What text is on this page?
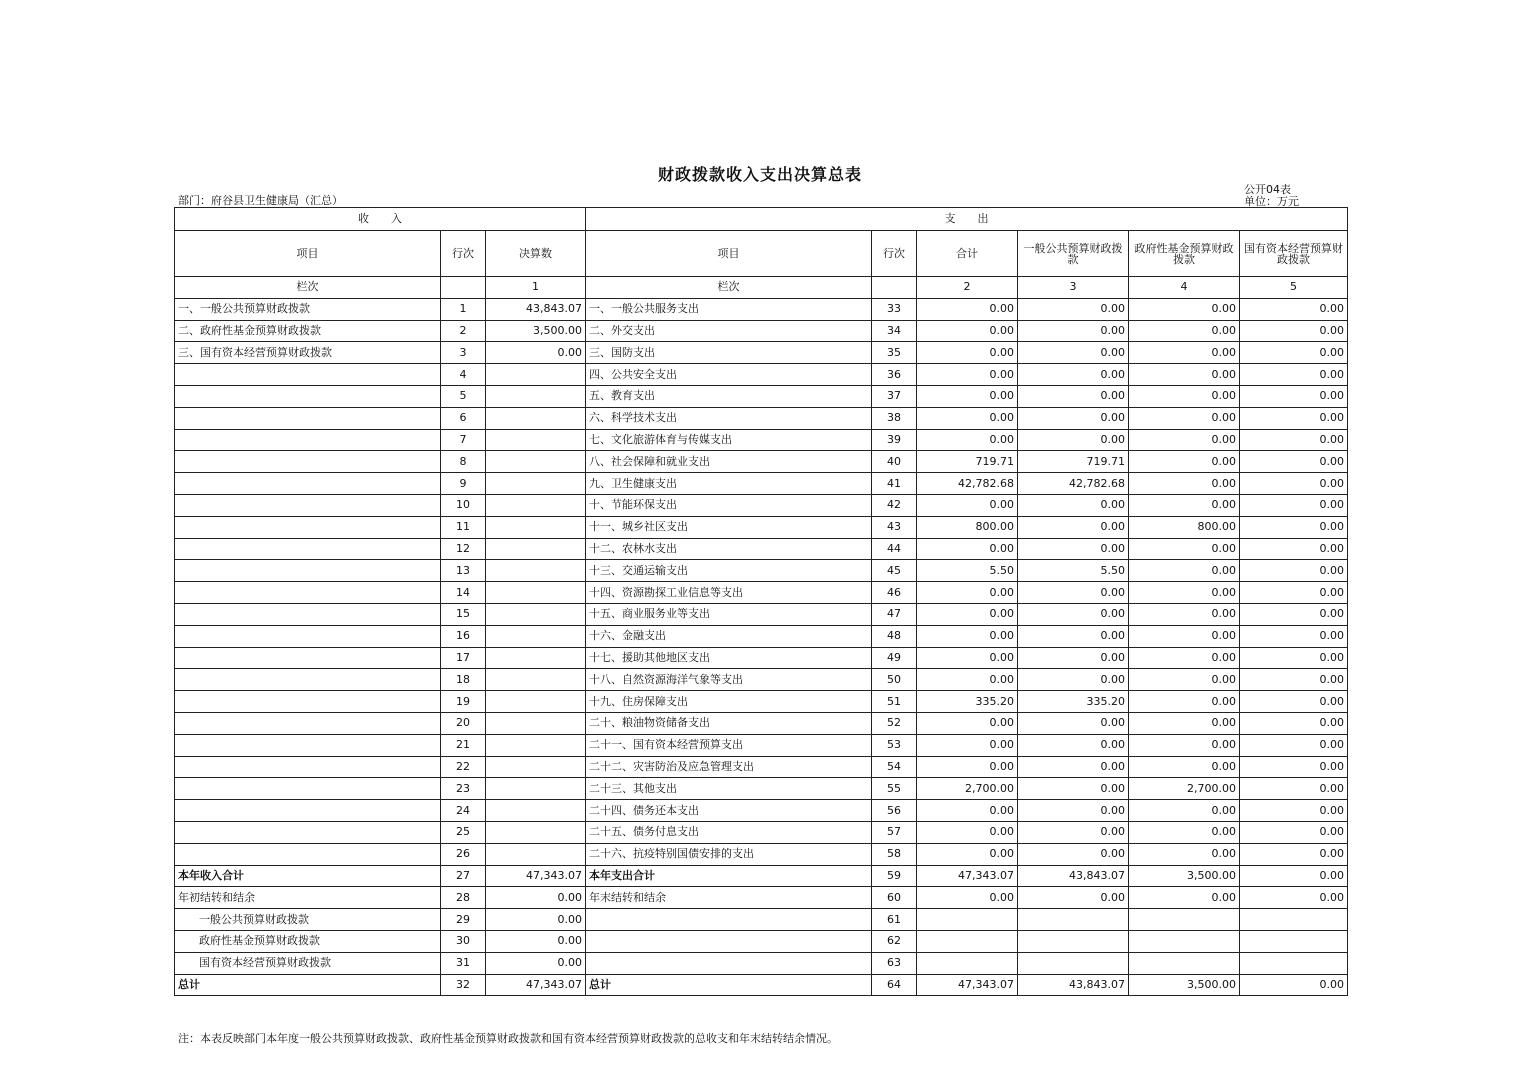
财政拨款收入支出决算总表
公开04表
部门：府谷县卫生健康局（汇总）	单位：万元
收　　入			支　　出					
项目	行次	决算数	项目	行次	合计	一般公共预算财政拨款	政府性基金预算财政拨款	国有资本经营预算财政拨款
栏次		1	栏次		2	3	4	5
一、一般公共预算财政拨款	1	43,843.07	一、一般公共服务支出	33	0.00	0.00	0.00	0.00
二、政府性基金预算财政拨款	2	3,500.00	二、外交支出	34	0.00	0.00	0.00	0.00
三、国有资本经营预算财政拨款	3	0.00	三、国防支出	35	0.00	0.00	0.00	0.00
	4		四、公共安全支出	36	0.00	0.00	0.00	0.00
	5		五、教育支出	37	0.00	0.00	0.00	0.00
	6		六、科学技术支出	38	0.00	0.00	0.00	0.00
	7		七、文化旅游体育与传媒支出	39	0.00	0.00	0.00	0.00
	8		八、社会保障和就业支出	40	719.71	719.71	0.00	0.00
	9		九、卫生健康支出	41	42,782.68	42,782.68	0.00	0.00
	10		十、节能环保支出	42	0.00	0.00	0.00	0.00
	11		十一、城乡社区支出	43	800.00	0.00	800.00	0.00
	12		十二、农林水支出	44	0.00	0.00	0.00	0.00
	13		十三、交通运输支出	45	5.50	5.50	0.00	0.00
	14		十四、资源勘探工业信息等支出	46	0.00	0.00	0.00	0.00
	15		十五、商业服务业等支出	47	0.00	0.00	0.00	0.00
	16		十六、金融支出	48	0.00	0.00	0.00	0.00
	17		十七、援助其他地区支出	49	0.00	0.00	0.00	0.00
	18		十八、自然资源海洋气象等支出	50	0.00	0.00	0.00	0.00
	19		十九、住房保障支出	51	335.20	335.20	0.00	0.00
	20		二十、粮油物资储备支出	52	0.00	0.00	0.00	0.00
	21		二十一、国有资本经营预算支出	53	0.00	0.00	0.00	0.00
	22		二十二、灾害防治及应急管理支出	54	0.00	0.00	0.00	0.00
	23		二十三、其他支出	55	2,700.00	0.00	2,700.00	0.00
	24		二十四、债务还本支出	56	0.00	0.00	0.00	0.00
	25		二十五、债务付息支出	57	0.00	0.00	0.00	0.00
	26		二十六、抗疫特别国债安排的支出	58	0.00	0.00	0.00	0.00
本年收入合计	27	47,343.07	本年支出合计	59	47,343.07	43,843.07	3,500.00	0.00
年初结转和结余	28	0.00	年末结转和结余	60	0.00	0.00	0.00	0.00
一般公共预算财政拨款	29	0.00		61				
政府性基金预算财政拨款	30	0.00		62				
国有资本经营预算财政拨款	31	0.00		63				
总计	32	47,343.07	总计	64	47,343.07	43,843.07	3,500.00	0.00
注：本表反映部门本年度一般公共预算财政拨款、政府性基金预算财政拨款和国有资本经营预算财政拨款的总收支和年末结转结余情况。
